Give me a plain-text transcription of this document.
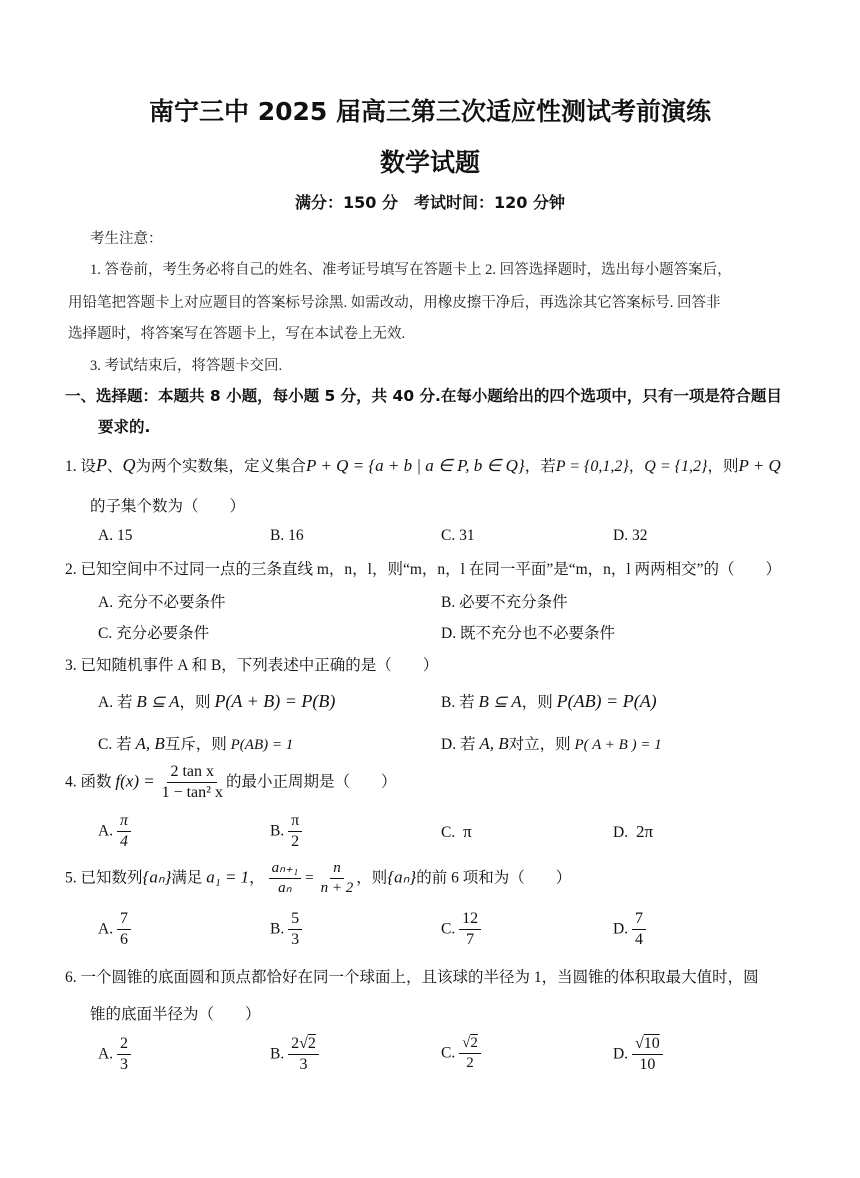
南宁三中 2025 届高三第三次适应性测试考前演练
数学试题
满分：150 分　考试时间：120 分钟
考生注意：
1. 答卷前，考生务必将自己的姓名、准考证号填写在答题卡上 2. 回答选择题时，选出每小题答案后，
用铅笔把答题卡上对应题目的答案标号涂黑. 如需改动，用橡皮擦干净后，再选涂其它答案标号. 回答非
选择题时，将答案写在答题卡上，写在本试卷上无效.
3. 考试结束后，将答题卡交回.
一、选择题：本题共 8 小题，每小题 5 分，共 40 分.在每小题给出的四个选项中，只有一项是符合题目
要求的.
1. 设P、Q为两个实数集，定义集合P + Q = {a + b | a ∈ P, b ∈ Q}，若P = {0,1,2}，Q = {1,2}，则P + Q
的子集个数为（　　）
A. 15	B. 16	C. 31	D. 32
2. 已知空间中不过同一点的三条直线 m，n，l，则“m，n，l 在同一平面”是“m，n，l 两两相交”的（　　）
A. 充分不必要条件	B. 必要不充分条件
C. 充分必要条件	D. 既不充分也不必要条件
3. 已知随机事件 A 和 B，下列表述中正确的是（　　）
A. 若 B ⊆ A，则 P(A + B) = P(B)	B. 若 B ⊆ A，则 P(AB) = P(A)
C. 若 A, B互斥，则 P(AB) = 1	D. 若 A, B对立，则 P( A + B ) = 1
4. 函数 $f(x) = \frac{\text{2 tan x}}{\text{1 − tan² x}}$ 的最小正周期是（　　）
A. $\frac{\pi}{4}$	B. $\frac{\pi}{2}$	C. π	D. 2π
5. 已知数列{aₙ}满足 a₁ = 1， $\frac{\text{aₙ₊₁}}{\text{aₙ}} = \frac{n}{n + 2}$ ，则{aₙ}的前 6 项和为（　　）
A. $\frac{7}{6}$	B. $\frac{5}{3}$	C. $\frac{12}{7}$	D. $\frac{7}{4}$
6. 一个圆锥的底面圆和顶点都恰好在同一个球面上，且该球的半径为 1，当圆锥的体积取最大值时，圆
锥的底面半径为（　　）
A. $\frac{2}{3}$	B. $\frac{2√2}{3}$	C. $\frac{√2}{2}$	D. $\frac{√10}{10}$
